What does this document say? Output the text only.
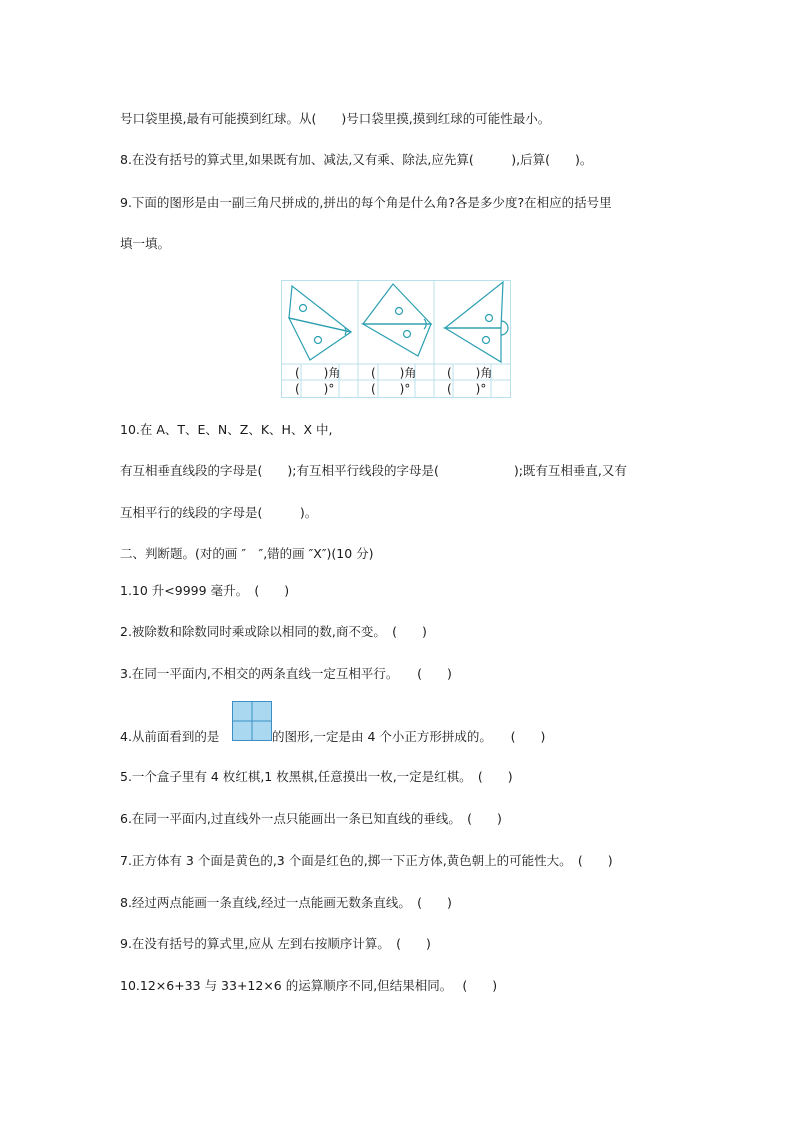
号口袋里摸,最有可能摸到红球。从(　　)号口袋里摸,摸到红球的可能性最小。
8.在没有括号的算式里,如果既有加、减法,又有乘、除法,应先算(　　　),后算(　　)。
9.下面的图形是由一副三角尺拼成的,拼出的每个角是什么角?各是多少度?在相应的括号里
填一填。
(　　)角	(　　)角	(　　)角
(　　)°	(　　)°	(　　)°
10.在 A、T、E、N、Z、K、H、X 中,
有互相垂直线段的字母是(　　);有互相平行线段的字母是(　　　　　　);既有互相垂直,又有
互相平行的线段的字母是(　　　)。
二、判断题。(对的画 ″　″,错的画 ″X″)(10 分)
1.10 升<9999 毫升。　(　　)
2.被除数和除数同时乘或除以相同的数,商不变。　(　　)
3.在同一平面内,不相交的两条直线一定互相平行。　　(　　)
4.从前面看到的是	的图形,一定是由 4 个小正方形拼成的。　　(　　)
5.一个盒子里有 4 枚红棋,1 枚黑棋,任意摸出一枚,一定是红棋。　(　　)
6.在同一平面内,过直线外一点只能画出一条已知直线的垂线。　(　　)
7.正方体有 3 个面是黄色的,3 个面是红色的,掷一下正方体,黄色朝上的可能性大。　(　　)
8.经过两点能画一条直线,经过一点能画无数条直线。　(　　)
9.在没有括号的算式里,应从 左到右按顺序计算。　(　　)
10.12×6+33 与 33+12×6 的运算顺序不同,但结果相同。　 (　　)
